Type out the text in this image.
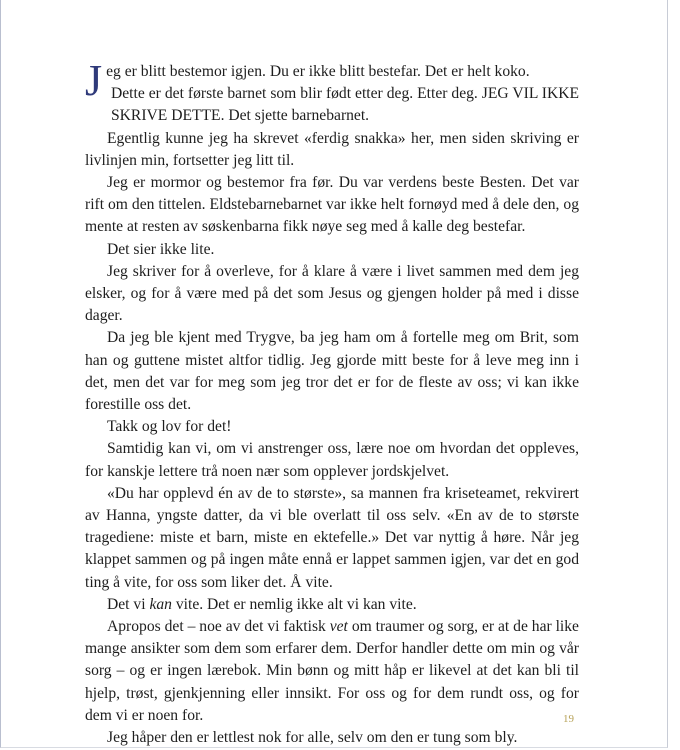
Jeg er blitt bestemor igjen. Du er ikke blitt bestefar. Det er helt koko.
Dette er det første barnet som blir født etter deg. Etter deg. JEG VIL IKKE SKRIVE DETTE. Det sjette barnebarnet.

Egentlig kunne jeg ha skrevet «ferdig snakka» her, men siden skriving er livlinjen min, fortsetter jeg litt til.

Jeg er mormor og bestemor fra før. Du var verdens beste Besten. Det var rift om den tittelen. Eldstebarnebarnet var ikke helt fornøyd med å dele den, og mente at resten av søskenbarna fikk nøye seg med å kalle deg bestefar.

Det sier ikke lite.

Jeg skriver for å overleve, for å klare å være i livet sammen med dem jeg elsker, og for å være med på det som Jesus og gjengen holder på med i disse dager.

Da jeg ble kjent med Trygve, ba jeg ham om å fortelle meg om Brit, som han og guttene mistet altfor tidlig. Jeg gjorde mitt beste for å leve meg inn i det, men det var for meg som jeg tror det er for de fleste av oss; vi kan ikke forestille oss det.

Takk og lov for det!

Samtidig kan vi, om vi anstrenger oss, lære noe om hvordan det oppleves, for kanskje lettere trå noen nær som opplever jordskjelvet.

«Du har opplevd én av de to største», sa mannen fra kriseteamet, rekvirert av Hanna, yngste datter, da vi ble overlatt til oss selv. «En av de to største tragediene: miste et barn, miste en ektefelle.» Det var nyttig å høre. Når jeg klappet sammen og på ingen måte ennå er lappet sammen igjen, var det en god ting å vite, for oss som liker det. Å vite.

Det vi kan vite. Det er nemlig ikke alt vi kan vite.

Apropos det – noe av det vi faktisk vet om traumer og sorg, er at de har like mange ansikter som dem som erfarer dem. Derfor handler dette om min og vår sorg – og er ingen lærebok. Min bønn og mitt håp er likevel at det kan bli til hjelp, trøst, gjenkjenning eller innsikt. For oss og for dem rundt oss, og for dem vi er noen for.

Jeg håper den er lettlest nok for alle, selv om den er tung som bly.

19
